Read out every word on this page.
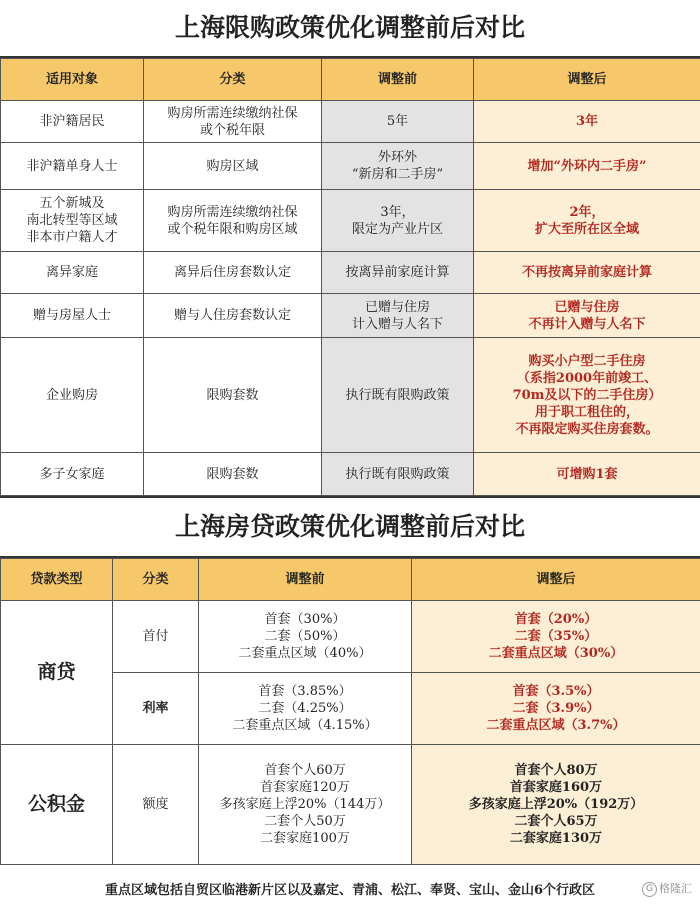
上海限购政策优化调整前后对比
适用对象	分类	调整前	调整后

非沪籍居民	购房所需连续缴纳社保
或个税年限	5年	3年

非沪籍单身人士	购房区域	外环外
“新房和二手房”	增加“外环内二手房”

五个新城及
南北转型等区域
非本市户籍人才	购房所需连续缴纳社保
或个税年限和购房区域	3年，
限定为产业片区	2年，
扩大至所在区全域

离异家庭	离异后住房套数认定	按离异前家庭计算	不再按离异前家庭计算

赠与房屋人士	赠与人住房套数认定	已赠与住房
计入赠与人名下	已赠与住房
不再计入赠与人名下

企业购房	限购套数	执行既有限购政策	购买小户型二手住房
（系指2000年前竣工、
70m及以下的二手住房）
用于职工租住的，
不再限定购买住房套数。

多子女家庭	限购套数	执行既有限购政策	可增购1套
上海房贷政策优化调整前后对比
贷款类型	分类	调整前	调整后
商贷	首付	首套（30%）
二套（50%）
二套重点区域（40%）	首套（20%）
二套（35%）
二套重点区域（30%）

	利率	首套（3.85%）
二套（4.25%）
二套重点区域（4.15%）	首套（3.5%）
二套（3.9%）
二套重点区域（3.7%）

公积金	额度	首套个人60万
首套家庭120万
多孩家庭上浮20%（144万）
二套个人50万
二套家庭100万	首套个人80万
首套家庭160万
多孩家庭上浮20%（192万）
二套个人65万
二套家庭130万
重点区域包括自贸区临港新片区以及嘉定、青浦、松江、奉贤、宝山、金山6个行政区	G 格隆汇
